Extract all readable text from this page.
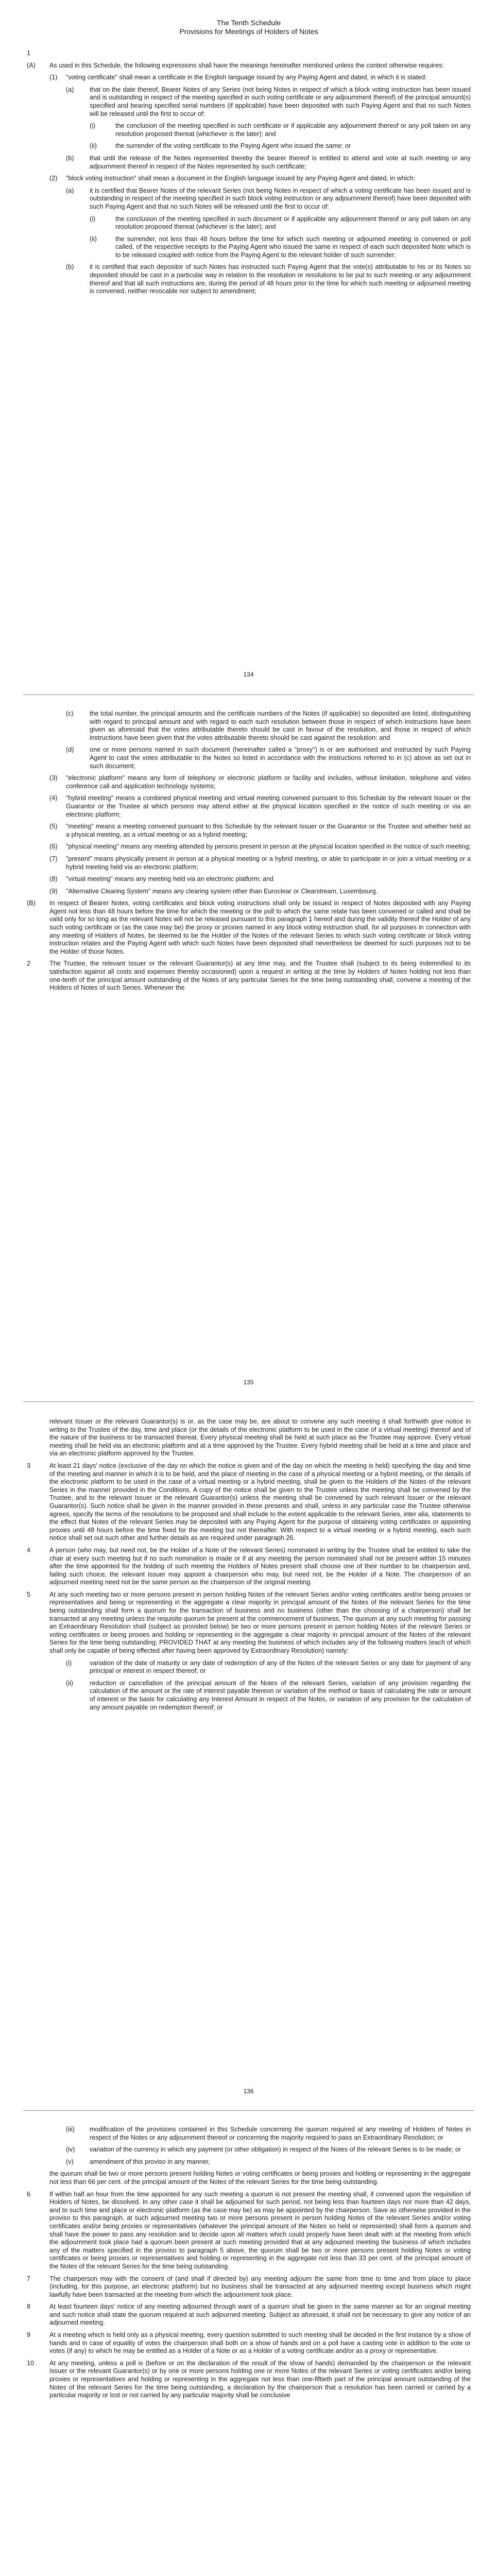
The Tenth Schedule
Provisions for Meetings of Holders of Notes
1
(A)	As used in this Schedule, the following expressions shall have the meanings hereinafter mentioned unless the context otherwise requires:
(1)	"voting certificate" shall mean a certificate in the English language issued by any Paying Agent and dated, in which it is stated:
(a)	that on the date thereof, Bearer Notes of any Series (not being Notes in respect of which a block voting instruction has been issued and is outstanding in respect of the meeting specified in such voting certificate or any adjournment thereof) of the principal amount(s) specified and bearing specified serial numbers (if applicable) have been deposited with such Paying Agent and that no such Notes will be released until the first to occur of:
(i)	the conclusion of the meeting specified in such certificate or if applicable any adjournment thereof or any poll taken on any resolution proposed thereat (whichever is the later); and
(ii)	the surrender of the voting certificate to the Paying Agent who issued the same; or
(b)	that until the release of the Notes represented thereby the bearer thereof is entitled to attend and vote at such meeting or any adjournment thereof in respect of the Notes represented by such certificate;
(2)	"block voting instruction" shall mean a document in the English language issued by any Paying Agent and dated, in which:
(a)	it is certified that Bearer Notes of the relevant Series (not being Notes in respect of which a voting certificate has been issued and is outstanding in respect of the meeting specified in such block voting instruction or any adjournment thereof) have been deposited with such Paying Agent and that no such Notes will be released until the first to occur of:
(i)	the conclusion of the meeting specified in such document or if applicable any adjournment thereof or any poll taken on any resolution proposed thereat (whichever is the later); and
(ii)	the surrender, not less than 48 hours before the time for which such meeting or adjourned meeting is convened or poll called, of the respective receipts to the Paying Agent who issued the same in respect of each such deposited Note which is to be released coupled with notice from the Paying Agent to the relevant holder of such surrender;
(b)	it is certified that each depositor of such Notes has instructed such Paying Agent that the vote(s) attributable to his or its Notes so deposited should be cast in a particular way in relation to the resolution or resolutions to be put to such meeting or any adjournment thereof and that all such instructions are, during the period of 48 hours prior to the time for which such meeting or adjourned meeting is convened, neither revocable nor subject to amendment;
134
(c)	the total number, the principal amounts and the certificate numbers of the Notes (if applicable) so deposited are listed, distinguishing with regard to principal amount and with regard to each such resolution between those in respect of which instructions have been given as aforesaid that the votes attributable thereto should be cast in favour of the resolution, and those in respect of which instructions have been given that the votes attributable thereto should be cast against the resolution; and
(d)	one or more persons named in such document (hereinafter called a "proxy") is or are authorised and instructed by such Paying Agent to cast the votes attributable to the Notes so listed in accordance with the instructions referred to in (c) above as set out in such document;
(3)	"electronic platform" means any form of telephony or electronic platform or facility and includes, without limitation, telephone and video conference call and application technology systems;
(4)	"hybrid meeting" means a combined physical meeting and virtual meeting convened pursuant to this Schedule by the relevant Issuer or the Guarantor or the Trustee at which persons may attend either at the physical location specified in the notice of such meeting or via an electronic platform;
(5)	"meeting" means a meeting convened pursuant to this Schedule by the relevant Issuer or the Guarantor or the Trustee and whether held as a physical meeting, as a virtual meeting or as a hybrid meeting;
(6)	"physical meeting" means any meeting attended by persons present in person at the physical location specified in the notice of such meeting;
(7)	"present" means physically present in person at a physical meeting or a hybrid meeting, or able to participate in or join a virtual meeting or a hybrid meeting held via an electronic platform;
(8)	"virtual meeting" means any meeting held via an electronic platform; and
(9)	"Alternative Clearing System" means any clearing system other than Euroclear or Clearstream, Luxembourg.
(B)	In respect of Bearer Notes, voting certificates and block voting instructions shall only be issued in respect of Notes deposited with any Paying Agent not less than 48 hours before the time for which the meeting or the poll to which the same relate has been convened or called and shall be valid only for so long as the relevant Notes will not be released pursuant to this paragraph 1 hereof and during the validity thereof the Holder of any such voting certificate or (as the case may be) the proxy or proxies named in any block voting instruction shall, for all purposes in connection with any meeting of Holders of Notes, be deemed to be the Holder of the Notes of the relevant Series to which such voting certificate or block voting instruction relates and the Paying Agent with which such Notes have been deposited shall nevertheless be deemed for such purposes not to be the Holder of those Notes.
2	The Trustee, the relevant Issuer or the relevant Guarantor(s) at any time may, and the Trustee shall (subject to its being indemnified to its satisfaction against all costs and expenses thereby occasioned) upon a request in writing at the time by Holders of Notes holding not less than one-tenth of the principal amount outstanding of the Notes of any particular Series for the time being outstanding shall, convene a meeting of the Holders of Notes of such Series. Whenever the
135
relevant Issuer or the relevant Guarantor(s) is or, as the case may be, are about to convene any such meeting it shall forthwith give notice in writing to the Trustee of the day, time and place (or the details of the electronic platform to be used in the case of a virtual meeting) thereof and of the nature of the business to be transacted thereat. Every physical meeting shall be held at such place as the Trustee may approve. Every virtual meeting shall be held via an electronic platform and at a time approved by the Trustee. Every hybrid meeting shall be held at a time and place and via an electronic platform approved by the Trustee.
3	At least 21 days' notice (exclusive of the day on which the notice is given and of the day on which the meeting is held) specifying the day and time of the meeting and manner in which it is to be held, and the place of meeting in the case of a physical meeting or a hybrid meeting, or the details of the electronic platform to be used in the case of a virtual meeting or a hybrid meeting, shall be given to the Holders of the Notes of the relevant Series in the manner provided in the Conditions. A copy of the notice shall be given to the Trustee unless the meeting shall be convened by the Trustee, and to the relevant Issuer or the relevant Guarantor(s) unless the meeting shall be convened by such relevant Issuer or the relevant Guarantor(s). Such notice shall be given in the manner provided in these presents and shall, unless in any particular case the Trustee otherwise agrees, specify the terms of the resolutions to be proposed and shall include to the extent applicable to the relevant Series, inter alia, statements to the effect that Notes of the relevant Series may be deposited with any Paying Agent for the purpose of obtaining voting certificates or appointing proxies until 48 hours before the time fixed for the meeting but not thereafter. With respect to a virtual meeting or a hybrid meeting, each such notice shall set out such other and further details as are required under paragraph 26.
4	A person (who may, but need not, be the Holder of a Note of the relevant Series) nominated in writing by the Trustee shall be entitled to take the chair at every such meeting but if no such nomination is made or if at any meeting the person nominated shall not be present within 15 minutes after the time appointed for the holding of such meeting the Holders of Notes present shall choose one of their number to be chairperson and, failing such choice, the relevant Issuer may appoint a chairperson who may, but need not, be the Holder of a Note. The chairperson of an adjourned meeting need not be the same person as the chairperson of the original meeting.
5	At any such meeting two or more persons present in person holding Notes of the relevant Series and/or voting certificates and/or being proxies or representatives and being or representing in the aggregate a clear majority in principal amount of the Notes of the relevant Series for the time being outstanding shall form a quorum for the transaction of business and no business (other than the choosing of a chairperson) shall be transacted at any meeting unless the requisite quorum be present at the commencement of business. The quorum at any such meeting for passing an Extraordinary Resolution shall (subject as provided below) be two or more persons present in person holding Notes of the relevant Series or voting certificates or being proxies and holding or representing in the aggregate a clear majority in principal amount of the Notes of the relevant Series for the time being outstanding; PROVIDED THAT at any meeting the business of which includes any of the following matters (each of which shall only be capable of being effected after having been approved by Extraordinary Resolution) namely:
(i)	variation of the date of maturity or any date of redemption of any of the Notes of the relevant Series or any date for payment of any principal or interest in respect thereof; or
(ii)	reduction or cancellation of the principal amount of the Notes of the relevant Series, variation of any provision regarding the calculation of the amount or the rate of interest payable thereon or variation of the method or basis of calculating the rate or amount of interest or the basis for calculating any Interest Amount in respect of the Notes, or variation of any provision for the calculation of any amount payable on redemption thereof; or
136
(iii)	modification of the provisions contained in this Schedule concerning the quorum required at any meeting of Holders of Notes in respect of the Notes or any adjournment thereof or concerning the majority required to pass an Extraordinary Resolution; or
(iv)	variation of the currency in which any payment (or other obligation) in respect of the Notes of the relevant Series is to be made; or
(v)	amendment of this proviso in any manner,
the quorum shall be two or more persons present holding Notes or voting certificates or being proxies and holding or representing in the aggregate not less than 66 per cent. of the principal amount of the Notes of the relevant Series for the time being outstanding.
6	If within half an hour from the time appointed for any such meeting a quorum is not present the meeting shall, if convened upon the requisition of Holders of Notes, be dissolved. In any other case it shall be adjourned for such period, not being less than fourteen days nor more than 42 days, and to such time and place or electronic platform (as the case may be) as may be appointed by the chairperson. Save as otherwise provided in the proviso to this paragraph, at such adjourned meeting two or more persons present in person holding Notes of the relevant Series and/or voting certificates and/or being proxies or representatives (whatever the principal amount of the Notes so held or represented) shall form a quorum and shall have the power to pass any resolution and to decide upon all matters which could properly have been dealt with at the meeting from which the adjournment took place had a quorum been present at such meeting provided that at any adjourned meeting the business of which includes any of the matters specified in the proviso to paragraph 5 above, the quorum shall be two or more persons present holding Notes or voting certificates or being proxies or representatives and holding or representing in the aggregate not less than 33 per cent. of the principal amount of the Notes of the relevant Series for the time being outstanding.
7	The chairperson may with the consent of (and shall if directed by) any meeting adjourn the same from time to time and from place to place (including, for this purpose, an electronic platform) but no business shall be transacted at any adjourned meeting except business which might lawfully have been transacted at the meeting from which the adjournment took place.
8	At least fourteen days' notice of any meeting adjourned through want of a quorum shall be given in the same manner as for an original meeting and such notice shall state the quorum required at such adjourned meeting. Subject as aforesaid, it shall not be necessary to give any notice of an adjourned meeting.
9	At a meeting which is held only as a physical meeting, every question submitted to such meeting shall be decided in the first instance by a show of hands and in case of equality of votes the chairperson shall both on a show of hands and on a poll have a casting vote in addition to the vote or votes (if any) to which he may be entitled as a Holder of a Note or as a Holder of a voting certificate and/or as a proxy or representative.
10	At any meeting, unless a poll is (before or on the declaration of the result of the show of hands) demanded by the chairperson or the relevant Issuer or the relevant Guarantor(s) or by one or more persons holding one or more Notes of the relevant Series or voting certificates and/or being proxies or representatives and holding or representing in the aggregate not less than one-fiftieth part of the principal amount outstanding of the Notes of the relevant Series for the time being outstanding, a declaration by the chairperson that a resolution has been carried or carried by a particular majority or lost or not carried by any particular majority shall be conclusive
